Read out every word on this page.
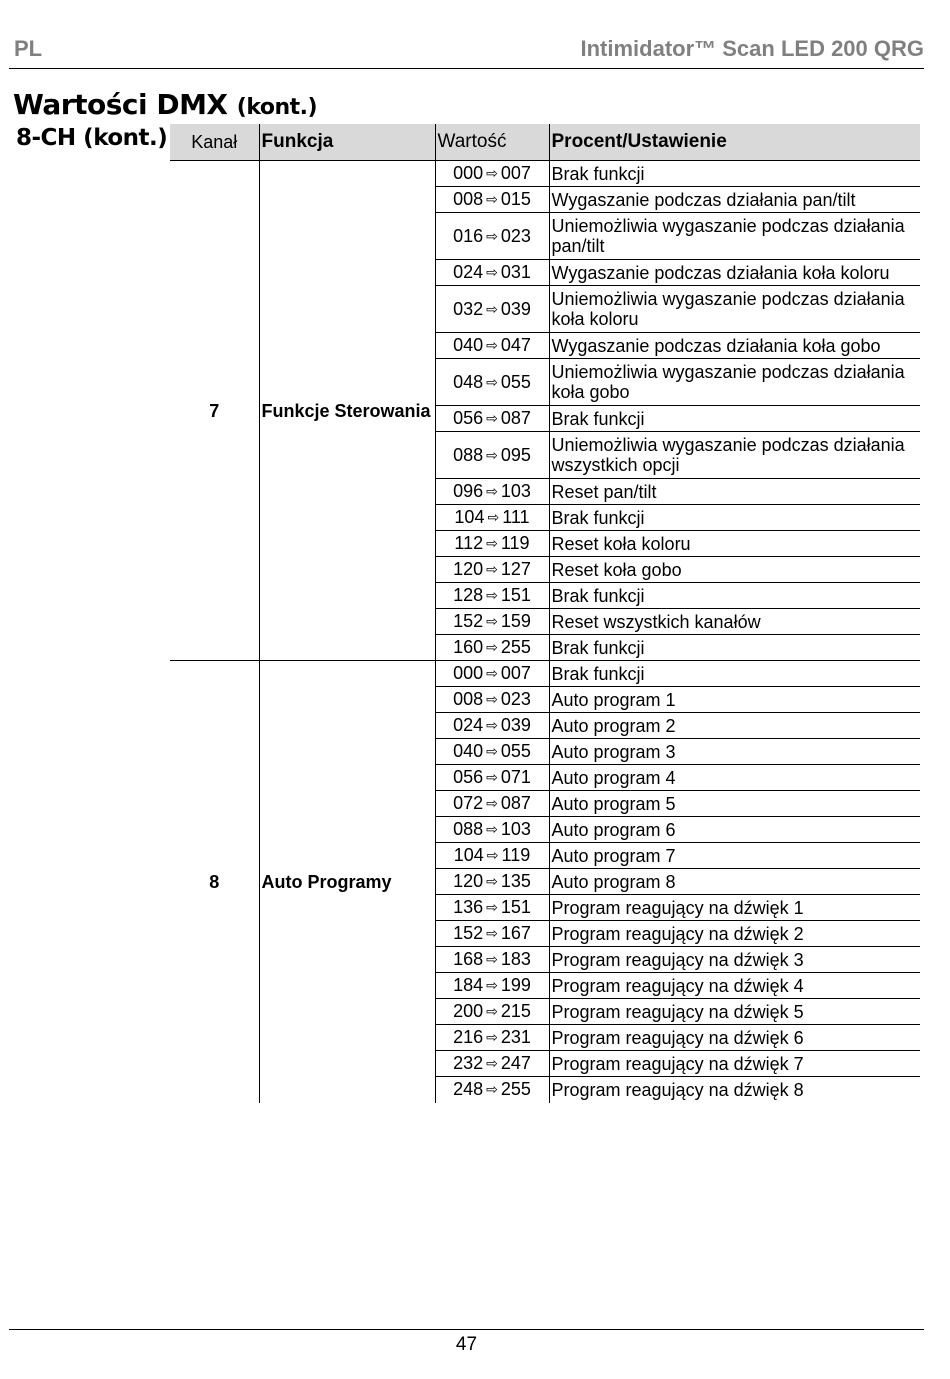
PL	Intimidator™ Scan LED 200 QRG
Wartości DMX (kont.)
8-CH (kont.) Kanał	Funkcja	Wartość	Procent/Ustawienie
7	Funkcje Sterowania	000 ⇨︎ 007	Brak funkcji
		008 ⇨︎ 015	Wygaszanie podczas działania pan/tilt
		016 ⇨︎ 023	Uniemożliwia wygaszanie podczas działania pan/tilt
		024 ⇨︎ 031	Wygaszanie podczas działania koła koloru
		032 ⇨︎ 039	Uniemożliwia wygaszanie podczas działania koła koloru
		040 ⇨︎ 047	Wygaszanie podczas działania koła gobo
		048 ⇨︎ 055	Uniemożliwia wygaszanie podczas działania koła gobo
		056 ⇨︎ 087	Brak funkcji
		088 ⇨︎ 095	Uniemożliwia wygaszanie podczas działania wszystkich opcji
		096 ⇨︎ 103	Reset pan/tilt
		104 ⇨︎ 111	Brak funkcji
		112 ⇨︎ 119	Reset koła koloru
		120 ⇨︎ 127	Reset koła gobo
		128 ⇨︎ 151	Brak funkcji
		152 ⇨︎ 159	Reset wszystkich kanałów
		160 ⇨︎ 255	Brak funkcji
8	Auto Programy	000 ⇨︎ 007	Brak funkcji
		008 ⇨︎ 023	Auto program 1
		024 ⇨︎ 039	Auto program 2
		040 ⇨︎ 055	Auto program 3
		056 ⇨︎ 071	Auto program 4
		072 ⇨︎ 087	Auto program 5
		088 ⇨︎ 103	Auto program 6
		104 ⇨︎ 119	Auto program 7
		120 ⇨︎ 135	Auto program 8
		136 ⇨︎ 151	Program reagujący na dźwięk 1
		152 ⇨︎ 167	Program reagujący na dźwięk 2
		168 ⇨︎ 183	Program reagujący na dźwięk 3
		184 ⇨︎ 199	Program reagujący na dźwięk 4
		200 ⇨︎ 215	Program reagujący na dźwięk 5
		216 ⇨︎ 231	Program reagujący na dźwięk 6
		232 ⇨︎ 247	Program reagujący na dźwięk 7
		248 ⇨︎ 255	Program reagujący na dźwięk 8
47
